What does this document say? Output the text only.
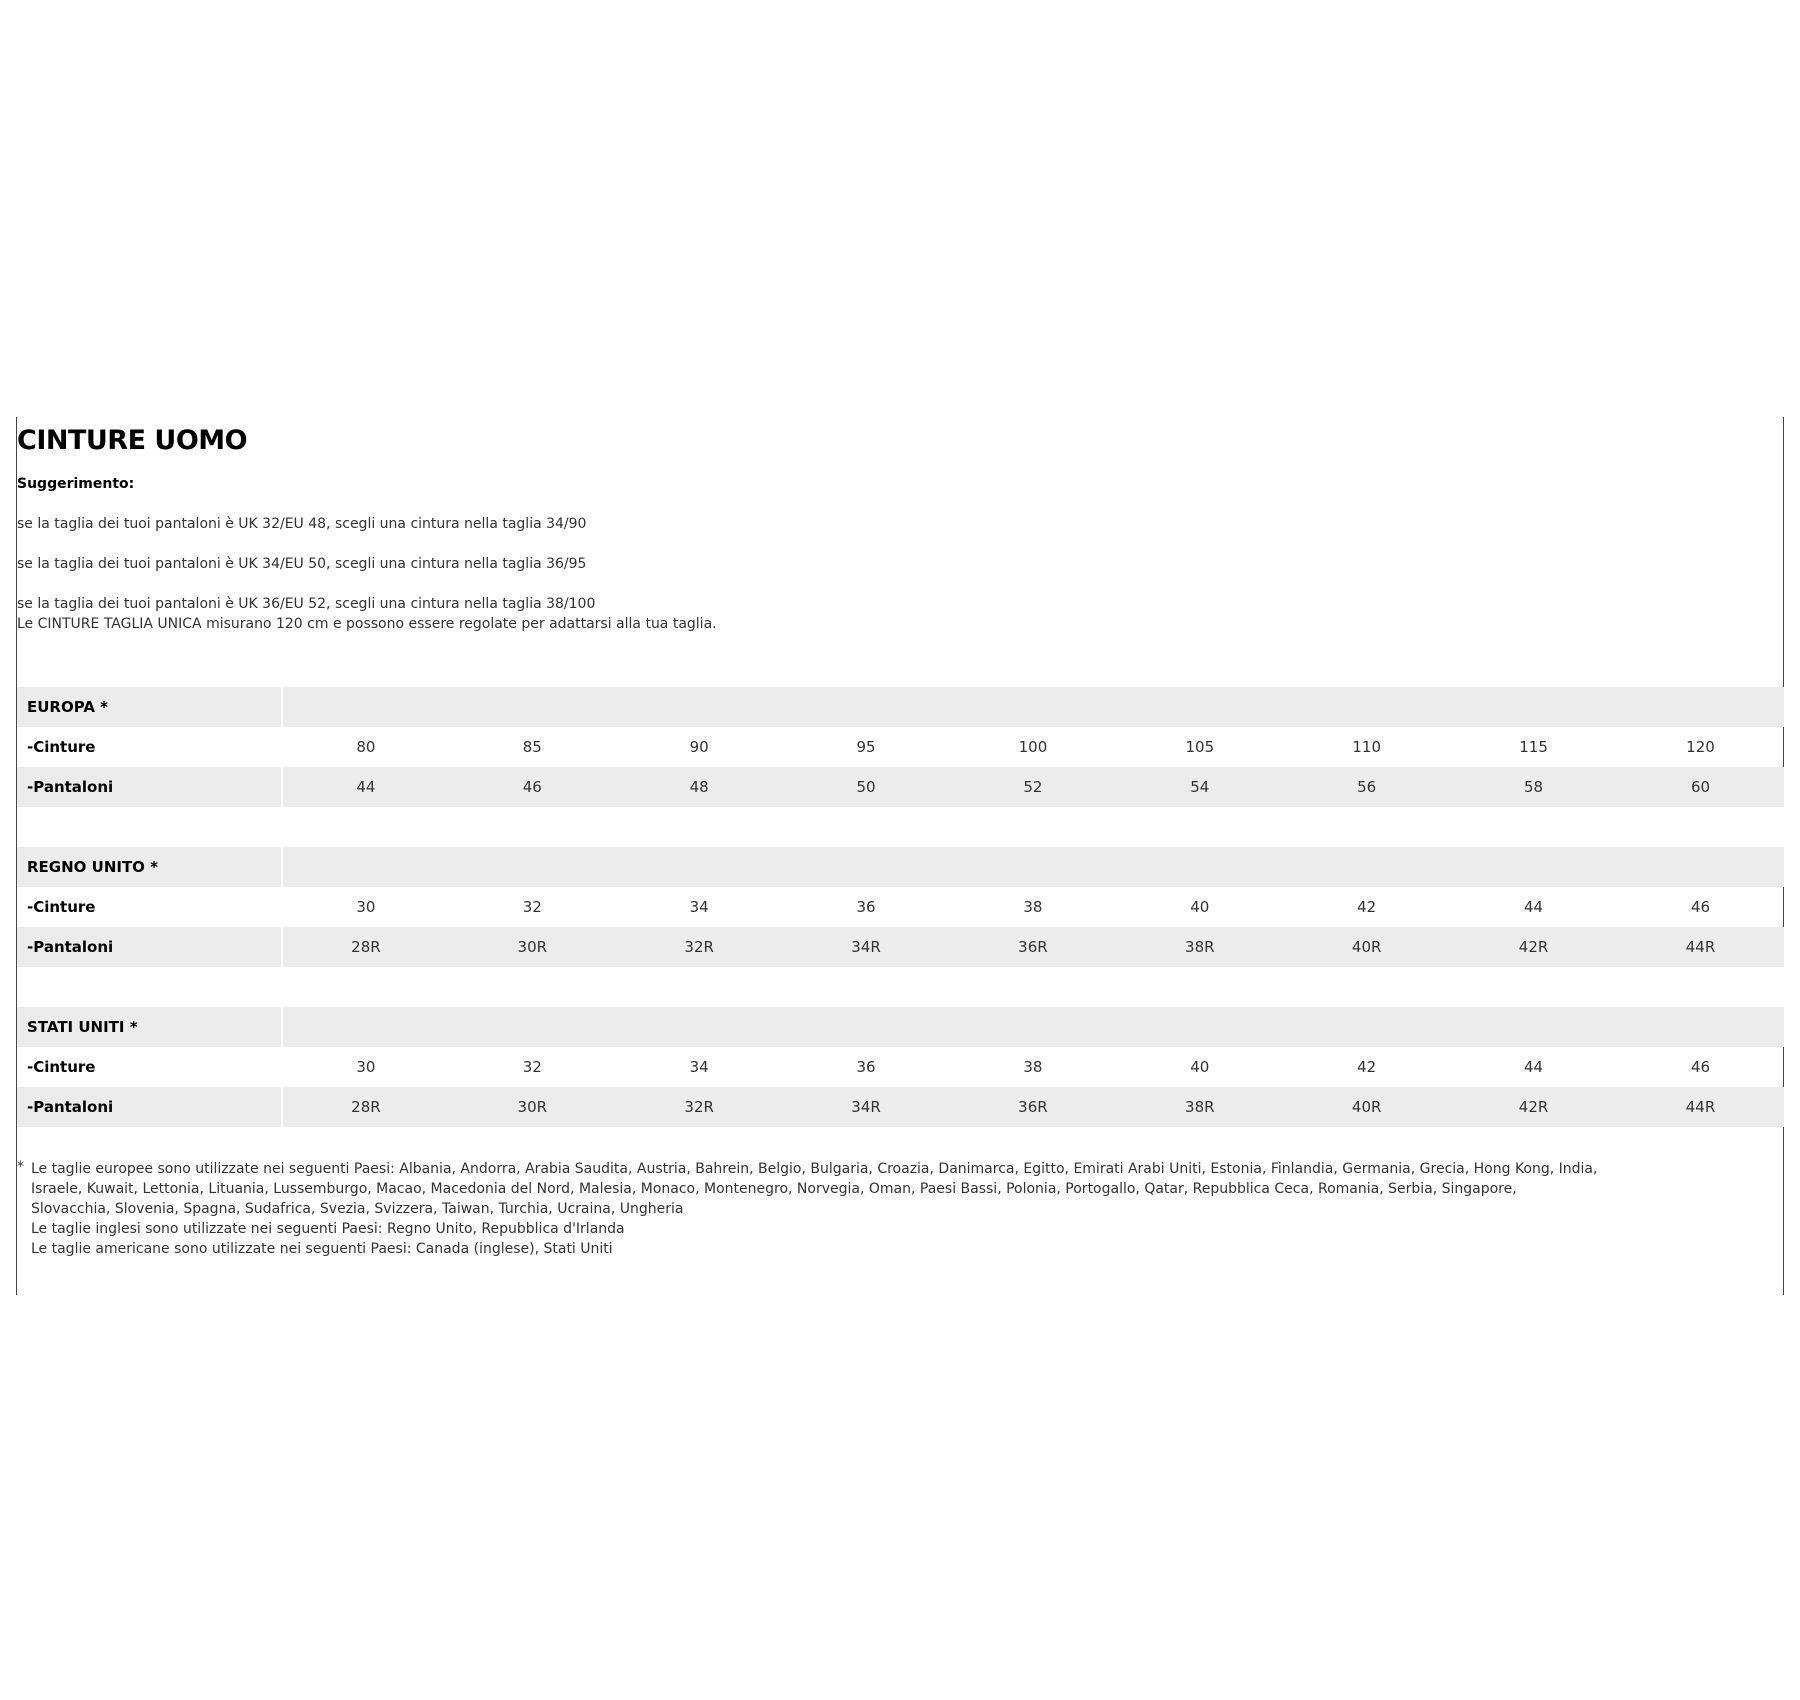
CINTURE UOMO
Suggerimento:
se la taglia dei tuoi pantaloni è UK 32/EU 48, scegli una cintura nella taglia 34/90
se la taglia dei tuoi pantaloni è UK 34/EU 50, scegli una cintura nella taglia 36/95
se la taglia dei tuoi pantaloni è UK 36/EU 52, scegli una cintura nella taglia 38/100
Le CINTURE TAGLIA UNICA misurano 120 cm e possono essere regolate per adattarsi alla tua taglia.
EUROPA *									
-Cinture	80	85	90	95	100	105	110	115	120
-Pantaloni	44	46	48	50	52	54	56	58	60

REGNO UNITO *									
-Cinture	30	32	34	36	38	40	42	44	46
-Pantaloni	28R	30R	32R	34R	36R	38R	40R	42R	44R

STATI UNITI *									
-Cinture	30	32	34	36	38	40	42	44	46
-Pantaloni	28R	30R	32R	34R	36R	38R	40R	42R	44R
* Le taglie europee sono utilizzate nei seguenti Paesi: Albania, Andorra, Arabia Saudita, Austria, Bahrein, Belgio, Bulgaria, Croazia, Danimarca, Egitto, Emirati Arabi Uniti, Estonia, Finlandia, Germania, Grecia, Hong Kong, India,
Israele, Kuwait, Lettonia, Lituania, Lussemburgo, Macao, Macedonia del Nord, Malesia, Monaco, Montenegro, Norvegia, Oman, Paesi Bassi, Polonia, Portogallo, Qatar, Repubblica Ceca, Romania, Serbia, Singapore,
Slovacchia, Slovenia, Spagna, Sudafrica, Svezia, Svizzera, Taiwan, Turchia, Ucraina, Ungheria
Le taglie inglesi sono utilizzate nei seguenti Paesi: Regno Unito, Repubblica d'Irlanda
Le taglie americane sono utilizzate nei seguenti Paesi: Canada (inglese), Stati Uniti
